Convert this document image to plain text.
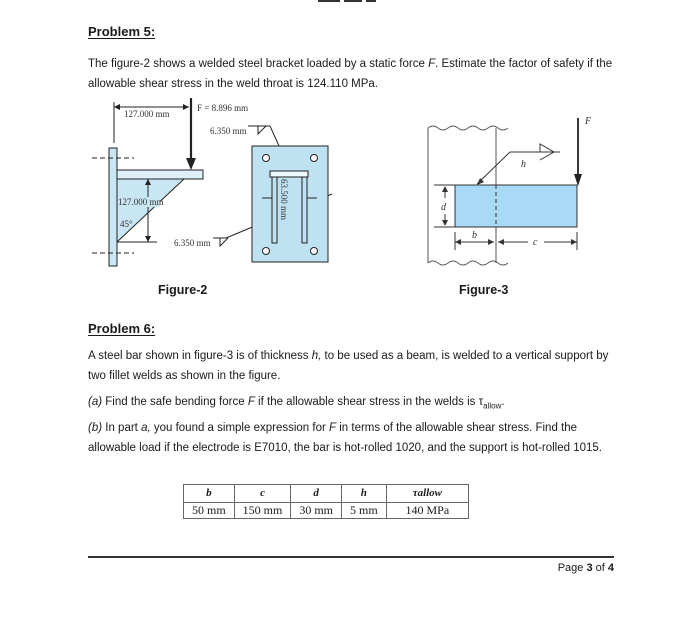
Problem 5:
The figure-2 shows a welded steel bracket loaded by a static force F. Estimate the factor of safety if the allowable shear stress in the weld throat is 124.110 MPa.
127.000 mm
45°
127.000 mm
F = 8.896 mm
6.350 mm
6.350 mm
63.500 mm
Figure-2
h
F
d
b
c
Figure-3
Problem 6:
A steel bar shown in figure-3 is of thickness h, to be used as a beam, is welded to a vertical support by two fillet welds as shown in the figure.
(a) Find the safe bending force F if the allowable shear stress in the welds is $\tau_{allow}$.
(b) In part a, you found a simple expression for F in terms of the allowable shear stress. Find the allowable load if the electrode is E7010, the bar is hot-rolled 1020, and the support is hot-rolled 1015.
b	c	d	h	τallow
50 mm	150 mm	30 mm	5 mm	140 MPa
Page 3 of 4
